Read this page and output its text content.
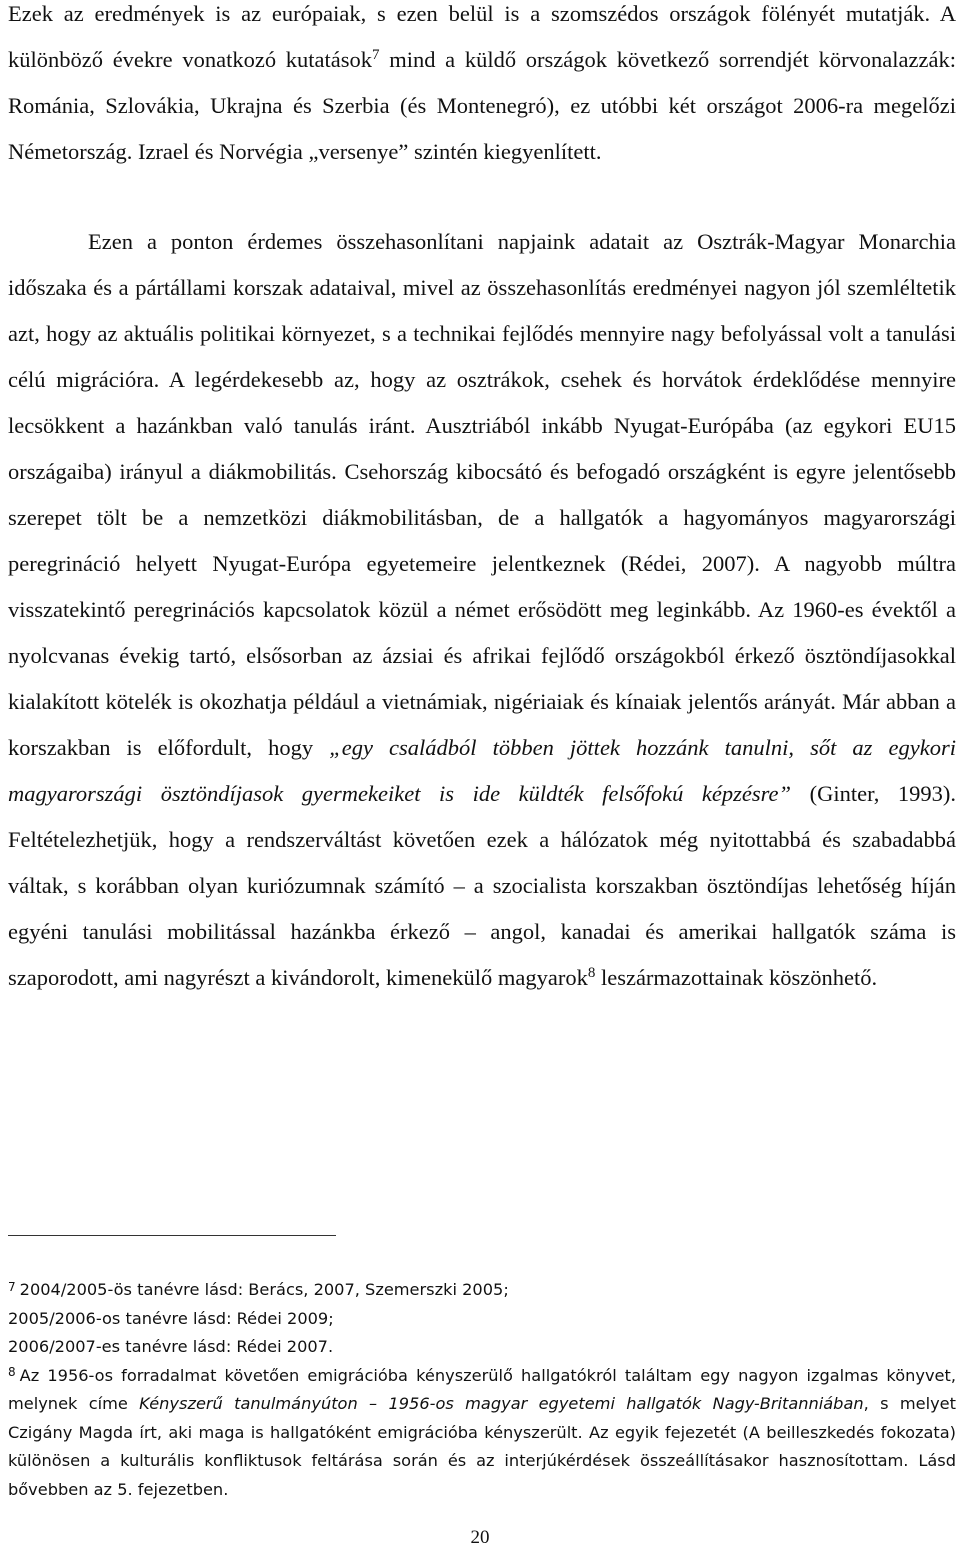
Ezek az eredmények is az európaiak, s ezen belül is a szomszédos országok fölényét mutatják. A különböző évekre vonatkozó kutatások$^7$ mind a küldő országok következő sorrendjét körvonalazzák: Románia, Szlovákia, Ukrajna és Szerbia (és Montenegró), ez utóbbi két országot 2006-ra megelőzi Németország. Izrael és Norvégia „versenye” szintén kiegyenlített.

Ezen a ponton érdemes összehasonlítani napjaink adatait az Osztrák-Magyar Monarchia időszaka és a pártállami korszak adataival, mivel az összehasonlítás eredményei nagyon jól szemléltetik azt, hogy az aktuális politikai környezet, s a technikai fejlődés mennyire nagy befolyással volt a tanulási célú migrációra. A legérdekesebb az, hogy az osztrákok, csehek és horvátok érdeklődése mennyire lecsökkent a hazánkban való tanulás iránt. Ausztriából inkább Nyugat-Európába (az egykori EU15 országaiba) irányul a diákmobilitás. Csehország kibocsátó és befogadó országként is egyre jelentősebb szerepet tölt be a nemzetközi diákmobilitásban, de a hallgatók a hagyományos magyarországi peregrináció helyett Nyugat-Európa egyetemeire jelentkeznek (Rédei, 2007). A nagyobb múltra visszatekintő peregrinációs kapcsolatok közül a német erősödött meg leginkább. Az 1960-es évektől a nyolcvanas évekig tartó, elsősorban az ázsiai és afrikai fejlődő országokból érkező ösztöndíjasokkal kialakított kötelék is okozhatja például a vietnámiak, nigériaiak és kínaiak jelentős arányát. Már abban a korszakban is előfordult, hogy „egy családból többen jöttek hozzánk tanulni, sőt az egykori magyarországi ösztöndíjasok gyermekeiket is ide küldték felsőfokú képzésre” (Ginter, 1993). Feltételezhetjük, hogy a rendszerváltást követően ezek a hálózatok még nyitottabbá és szabadabbá váltak, s korábban olyan kuriózumnak számító – a szocialista korszakban ösztöndíjas lehetőség híján egyéni tanulási mobilitással hazánkba érkező – angol, kanadai és amerikai hallgatók száma is szaporodott, ami nagyrészt a kivándorolt, kimenekülő magyarok$^8$ leszármazottainak köszönhető.

$^7$ 2004/2005-ös tanévre lásd: Berács, 2007, Szemerszki 2005;
2005/2006-os tanévre lásd: Rédei 2009;
2006/2007-es tanévre lásd: Rédei 2007.

$^8$ Az 1956-os forradalmat követően emigrációba kényszerülő hallgatókról találtam egy nagyon izgalmas könyvet, melynek címe Kényszerű tanulmányúton – 1956-os magyar egyetemi hallgatók Nagy-Britanniában, s melyet Czigány Magda írt, aki maga is hallgatóként emigrációba kényszerült. Az egyik fejezetét (A beilleszkedés fokozata) különösen a kulturális konfliktusok feltárása során és az interjúkérdések összeállításakor hasznosítottam. Lásd bővebben az 5. fejezetben.

20
